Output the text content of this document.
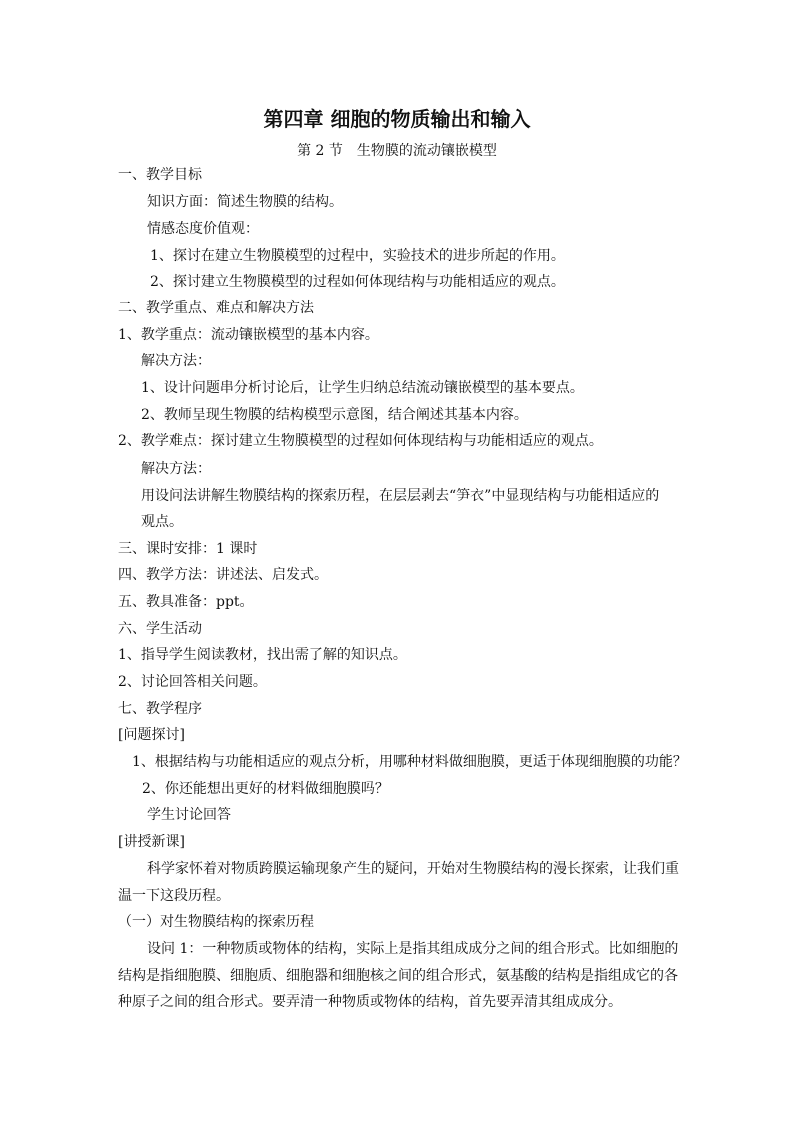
第四章 细胞的物质输出和输入
第 2 节　生物膜的流动镶嵌模型
一、教学目标
知识方面：简述生物膜的结构。
情感态度价值观：
1、探讨在建立生物膜模型的过程中，实验技术的进步所起的作用。
2、探讨建立生物膜模型的过程如何体现结构与功能相适应的观点。
二、教学重点、难点和解决方法
1、教学重点：流动镶嵌模型的基本内容。
解决方法：
1、设计问题串分析讨论后，让学生归纳总结流动镶嵌模型的基本要点。
2、教师呈现生物膜的结构模型示意图，结合阐述其基本内容。
2、教学难点：探讨建立生物膜模型的过程如何体现结构与功能相适应的观点。
解决方法：
用设问法讲解生物膜结构的探索历程，在层层剥去“笋衣”中显现结构与功能相适应的
观点。
三、课时安排：1 课时
四、教学方法：讲述法、启发式。
五、教具准备：ppt。
六、学生活动
1、指导学生阅读教材，找出需了解的知识点。
2、讨论回答相关问题。
七、教学程序
[问题探讨]
1、根据结构与功能相适应的观点分析，用哪种材料做细胞膜，更适于体现细胞膜的功能？
2、你还能想出更好的材料做细胞膜吗？
学生讨论回答
[讲授新课]
科学家怀着对物质跨膜运输现象产生的疑问，开始对生物膜结构的漫长探索，让我们重
温一下这段历程。
（一）对生物膜结构的探索历程
设问 1：一种物质或物体的结构，实际上是指其组成成分之间的组合形式。比如细胞的
结构是指细胞膜、细胞质、细胞器和细胞核之间的组合形式，氨基酸的结构是指组成它的各
种原子之间的组合形式。要弄清一种物质或物体的结构，首先要弄清其组成成分。
